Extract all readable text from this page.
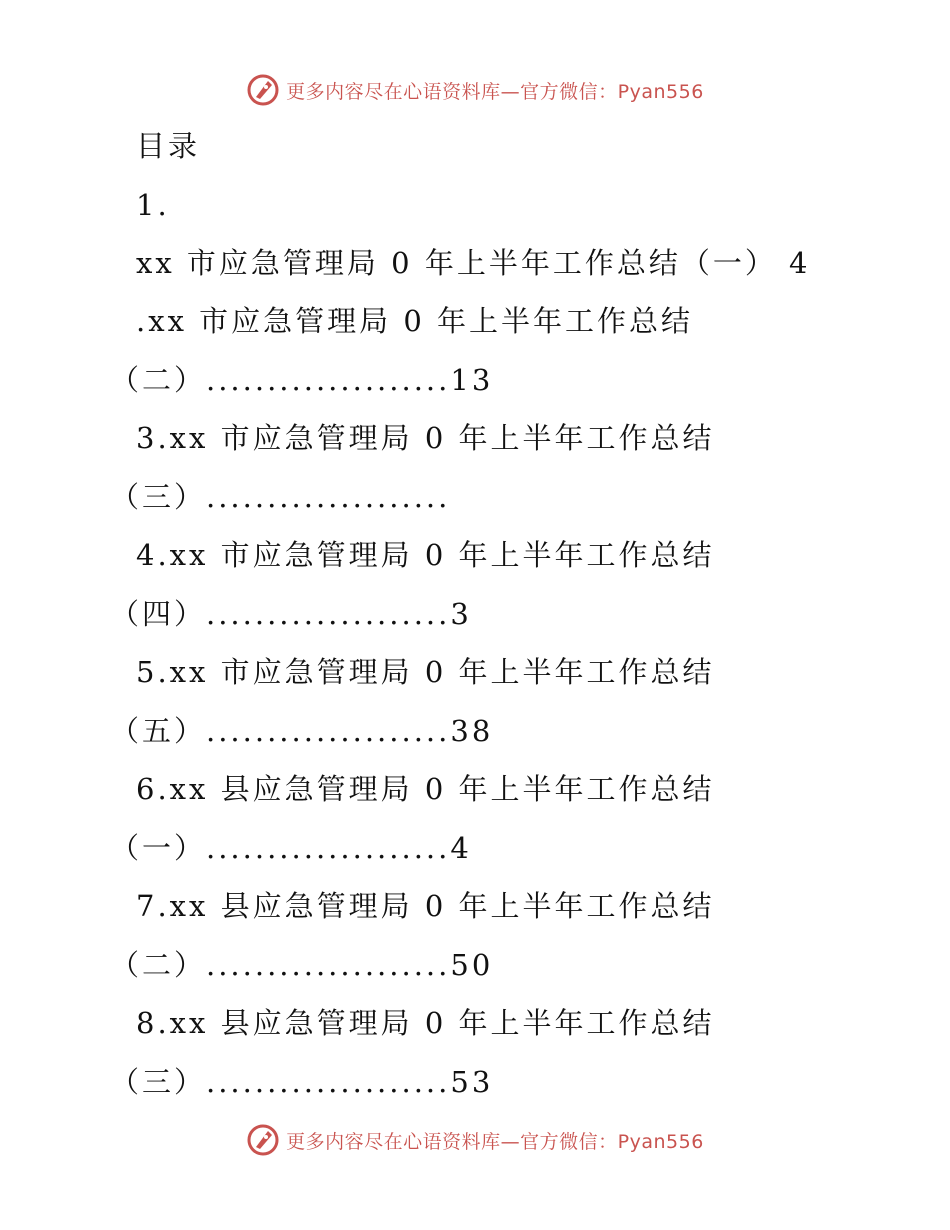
更多内容尽在心语资料库—官方微信：Pyan556
目录
1.
xx 市应急管理局 0 年上半年工作总结（一） 4
.xx 市应急管理局 0 年上半年工作总结
（二）....................13
3.xx 市应急管理局 0 年上半年工作总结
（三）....................
4.xx 市应急管理局 0 年上半年工作总结
（四）....................3
5.xx 市应急管理局 0 年上半年工作总结
（五）....................38
6.xx 县应急管理局 0 年上半年工作总结
（一）....................4
7.xx 县应急管理局 0 年上半年工作总结
（二）....................50
8.xx 县应急管理局 0 年上半年工作总结
（三）....................53
更多内容尽在心语资料库—官方微信：Pyan556
